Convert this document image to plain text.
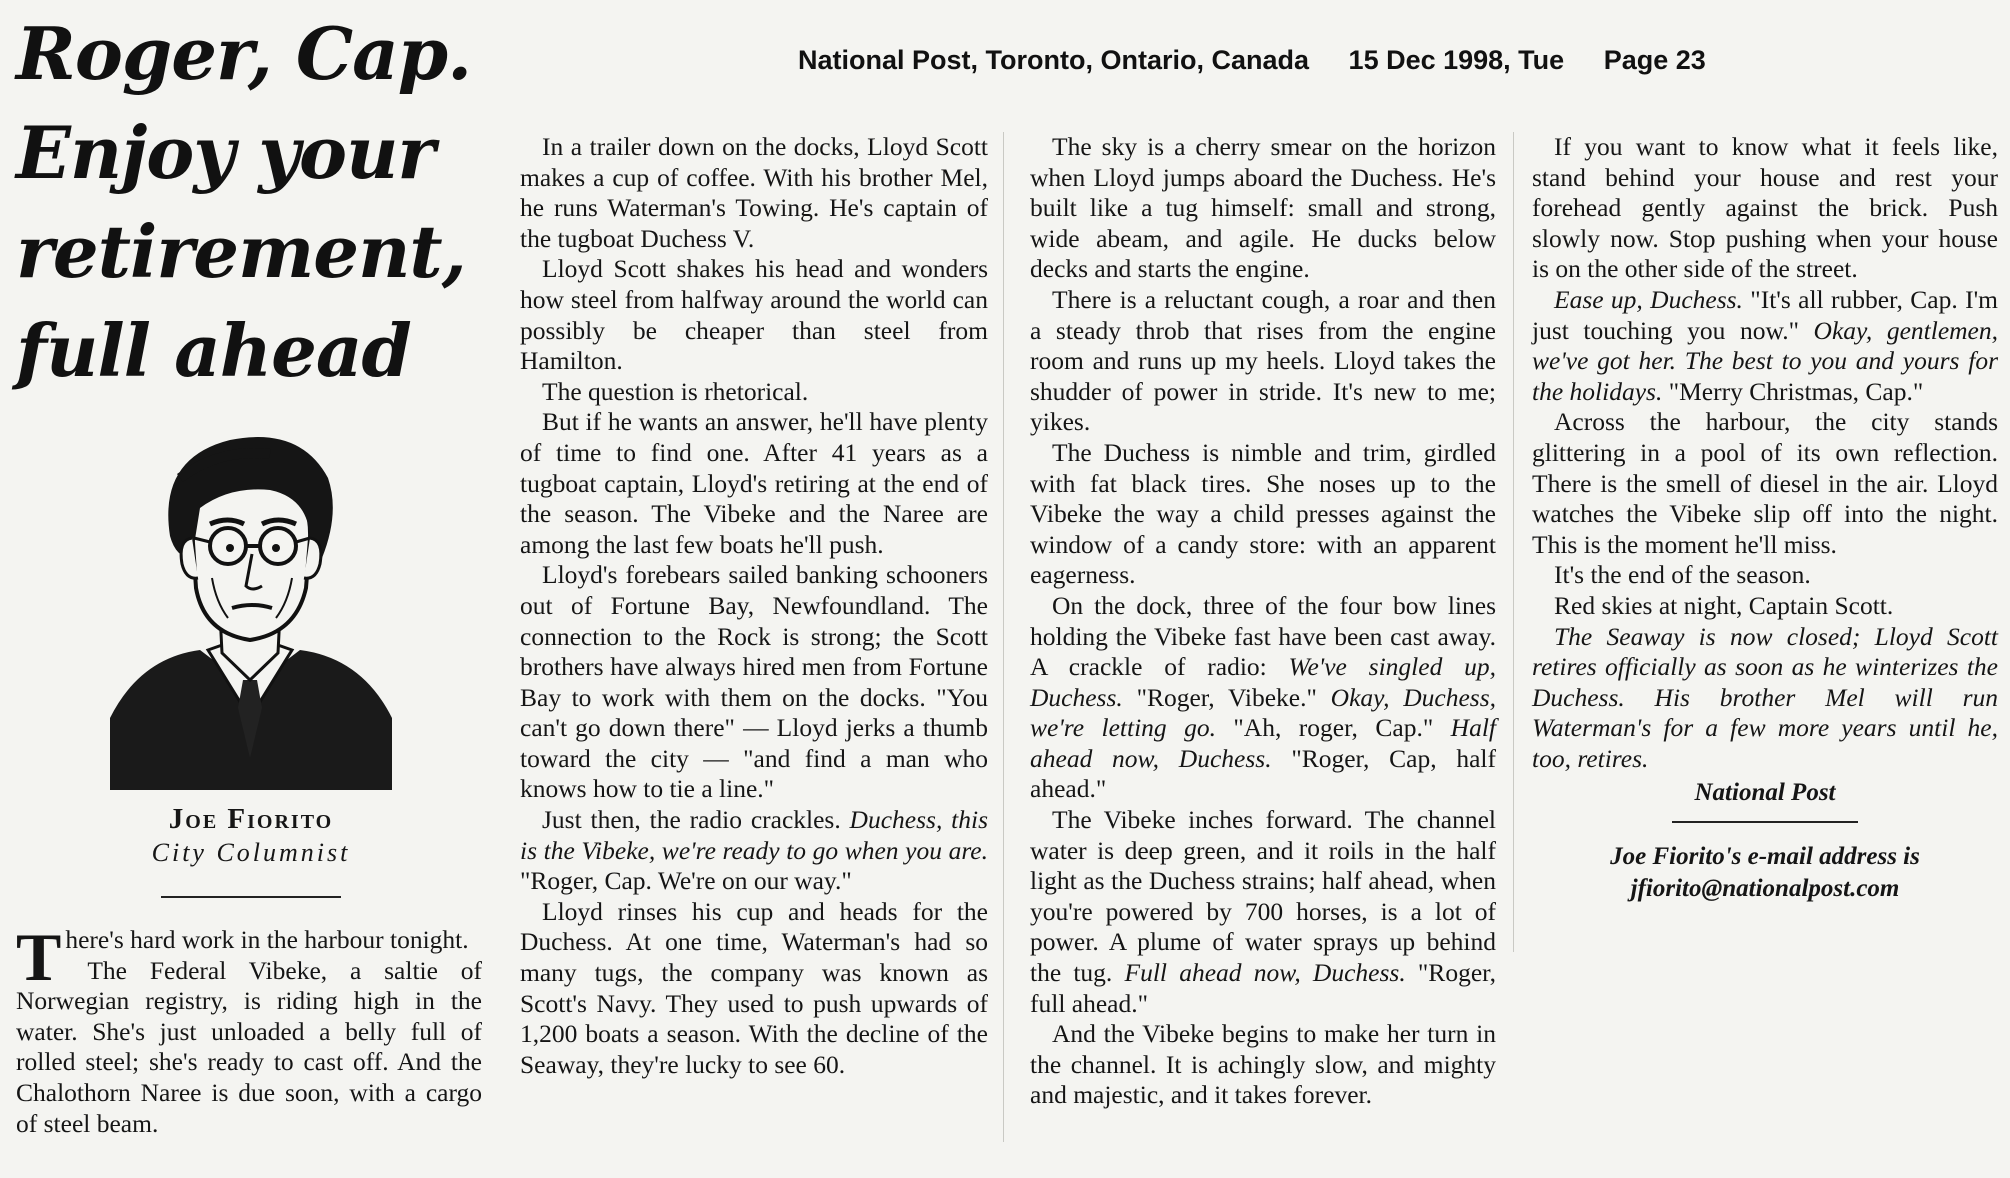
National Post, Toronto, Ontario, Canada 15 Dec 1998, Tue Page 23
Roger, Cap.
Enjoy your
retirement,
full ahead
Joe Fiorito
City Columnist

There's hard work in the harbour tonight.

The Federal Vibeke, a saltie of Norwegian registry, is riding high in the water. She's just unloaded a belly full of rolled steel; she's ready to cast off. And the Chalothorn Naree is due soon, with a cargo of steel beam.

In a trailer down on the docks, Lloyd Scott makes a cup of coffee. With his brother Mel, he runs Waterman's Towing. He's captain of the tugboat Duchess V.

Lloyd Scott shakes his head and wonders how steel from halfway around the world can possibly be cheaper than steel from Hamilton.

The question is rhetorical.

But if he wants an answer, he'll have plenty of time to find one. After 41 years as a tugboat captain, Lloyd's retiring at the end of the season. The Vibeke and the Naree are among the last few boats he'll push.

Lloyd's forebears sailed banking schooners out of Fortune Bay, Newfoundland. The connection to the Rock is strong; the Scott brothers have always hired men from Fortune Bay to work with them on the docks. "You can't go down there" — Lloyd jerks a thumb toward the city — "and find a man who knows how to tie a line."

Just then, the radio crackles. Duchess, this is the Vibeke, we're ready to go when you are. "Roger, Cap. We're on our way."

Lloyd rinses his cup and heads for the Duchess. At one time, Waterman's had so many tugs, the company was known as Scott's Navy. They used to push upwards of 1,200 boats a season. With the decline of the Seaway, they're lucky to see 60.

The sky is a cherry smear on the horizon when Lloyd jumps aboard the Duchess. He's built like a tug himself: small and strong, wide abeam, and agile. He ducks below decks and starts the engine.

There is a reluctant cough, a roar and then a steady throb that rises from the engine room and runs up my heels. Lloyd takes the shudder of power in stride. It's new to me; yikes.

The Duchess is nimble and trim, girdled with fat black tires. She noses up to the Vibeke the way a child presses against the window of a candy store: with an apparent eagerness.

On the dock, three of the four bow lines holding the Vibeke fast have been cast away. A crackle of radio: We've singled up, Duchess. "Roger, Vibeke." Okay, Duchess, we're letting go. "Ah, roger, Cap." Half ahead now, Duchess. "Roger, Cap, half ahead."

The Vibeke inches forward. The channel water is deep green, and it roils in the half light as the Duchess strains; half ahead, when you're powered by 700 horses, is a lot of power. A plume of water sprays up behind the tug. Full ahead now, Duchess. "Roger, full ahead."

And the Vibeke begins to make her turn in the channel. It is achingly slow, and mighty and majestic, and it takes forever.

If you want to know what it feels like, stand behind your house and rest your forehead gently against the brick. Push slowly now. Stop pushing when your house is on the other side of the street.

Ease up, Duchess. "It's all rubber, Cap. I'm just touching you now." Okay, gentlemen, we've got her. The best to you and yours for the holidays. "Merry Christmas, Cap."

Across the harbour, the city stands glittering in a pool of its own reflection. There is the smell of diesel in the air. Lloyd watches the Vibeke slip off into the night. This is the moment he'll miss.

It's the end of the season.

Red skies at night, Captain Scott.

The Seaway is now closed; Lloyd Scott retires officially as soon as he winterizes the Duchess. His brother Mel will run Waterman's for a few more years until he, too, retires.

National Post
Joe Fiorito's e-mail address is
jfiorito@nationalpost.com
